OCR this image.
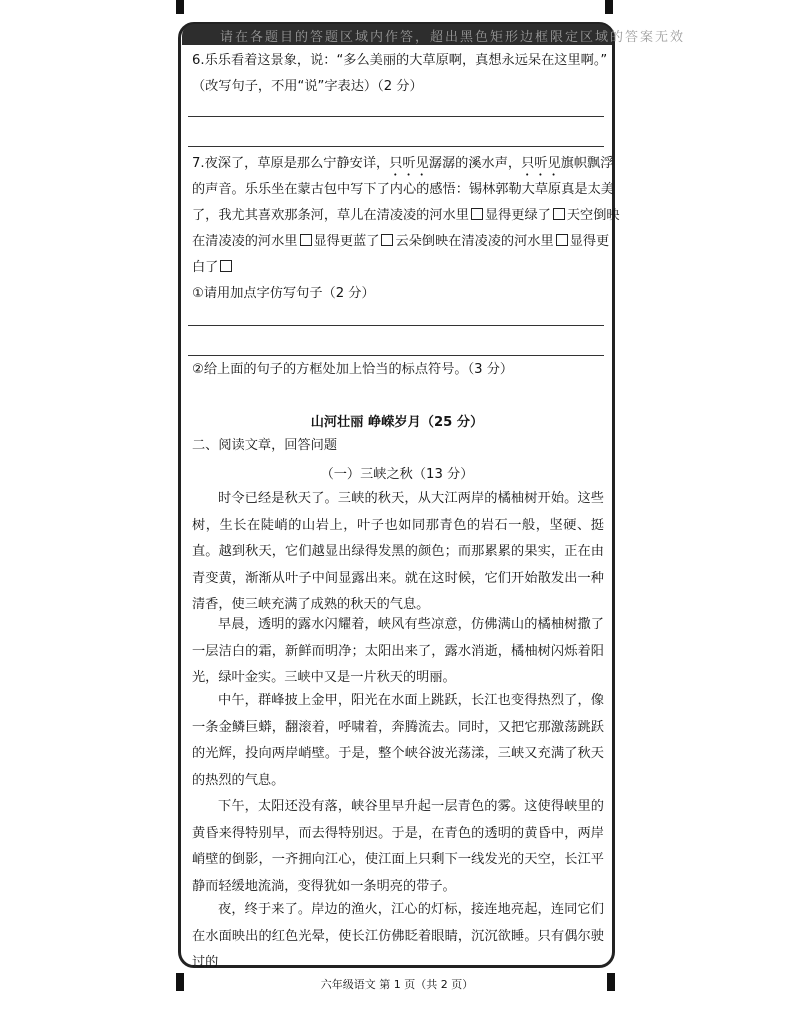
请在各题目的答题区域内作答，超出黑色矩形边框限定区域的答案无效
6.乐乐看着这景象，说：“多么美丽的大草原啊，真想永远呆在这里啊。”
（改写句子，不用“说”字表达）（2 分）
7.夜深了，草原是那么宁静安详，只听见潺潺的溪水声，只听见旗帜飘浮
的声音。乐乐坐在蒙古包中写下了内心的感悟：锡林郭勒大草原真是太美
了，我尤其喜欢那条河，草儿在清凌凌的河水里 显得更绿了 天空倒映
在清凌凌的河水里 显得更蓝了 云朵倒映在清凌凌的河水里 显得更
白了
①请用加点字仿写句子（2 分）
②给上面的句子的方框处加上恰当的标点符号。（3 分）
山河壮丽 峥嵘岁月（25 分）
二、阅读文章，回答问题
（一）三峡之秋（13 分）
时令已经是秋天了。三峡的秋天，从大江两岸的橘柚树开始。这些树，生长在陡峭的山岩上，叶子也如同那青色的岩石一般，坚硬、挺直。越到秋天，它们越显出绿得发黑的颜色；而那累累的果实，正在由青变黄，渐渐从叶子中间显露出来。就在这时候，它们开始散发出一种清香，使三峡充满了成熟的秋天的气息。
早晨，透明的露水闪耀着，峡风有些凉意，仿佛满山的橘柚树撒了一层洁白的霜，新鲜而明净；太阳出来了，露水消逝，橘柚树闪烁着阳光，绿叶金实。三峡中又是一片秋天的明丽。
中午，群峰披上金甲，阳光在水面上跳跃，长江也变得热烈了，像一条金鳞巨蟒，翻滚着，呼啸着，奔腾流去。同时，又把它那激荡跳跃的光辉，投向两岸峭壁。于是，整个峡谷波光荡漾，三峡又充满了秋天的热烈的气息。
下午，太阳还没有落，峡谷里早升起一层青色的雾。这使得峡里的黄昏来得特别早，而去得特别迟。于是，在青色的透明的黄昏中，两岸峭壁的倒影，一齐拥向江心，使江面上只剩下一线发光的天空，长江平静而轻缓地流淌，变得犹如一条明亮的带子。
夜，终于来了。岸边的渔火，江心的灯标，接连地亮起，连同它们在水面映出的红色光晕，使长江仿佛眨着眼睛，沉沉欲睡。只有偶尔驶过的
六年级语文 第 1 页（共 2 页）
